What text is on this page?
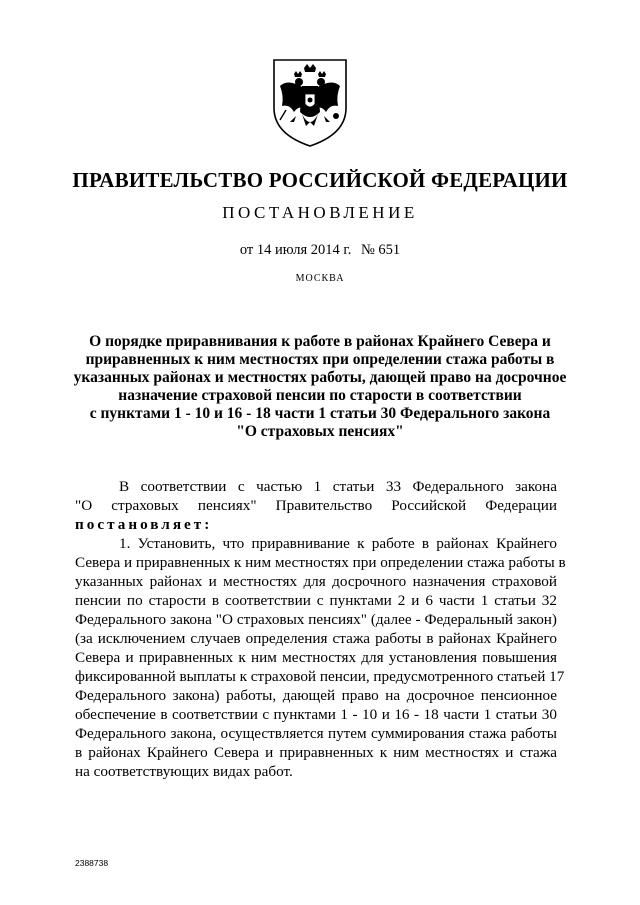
ПРАВИТЕЛЬСТВО РОССИЙСКОЙ ФЕДЕРАЦИИ
ПОСТАНОВЛЕНИЕ
от 14 июля 2014 г. № 651
МОСКВА
О порядке приравнивания к работе в районах Крайнего Севера и
приравненных к ним местностях при определении стажа работы в
указанных районах и местностях работы, дающей право на досрочное
назначение страховой пенсии по старости в соответствии
с пунктами 1 - 10 и 16 - 18 части 1 статьи 30 Федерального закона
"О страховых пенсиях"
В соответствии с частью 1 статьи 33 Федерального закона
"О страховых пенсиях" Правительство Российской Федерации
постановляет:
1. Установить, что приравнивание к работе в районах Крайнего
Севера и приравненных к ним местностях при определении стажа работы в
указанных районах и местностях для досрочного назначения страховой
пенсии по старости в соответствии с пунктами 2 и 6 части 1 статьи 32
Федерального закона "О страховых пенсиях" (далее - Федеральный закон)
(за исключением случаев определения стажа работы в районах Крайнего
Севера и приравненных к ним местностях для установления повышения
фиксированной выплаты к страховой пенсии, предусмотренного статьей 17
Федерального закона) работы, дающей право на досрочное пенсионное
обеспечение в соответствии с пунктами 1 - 10 и 16 - 18 части 1 статьи 30
Федерального закона, осуществляется путем суммирования стажа работы
в районах Крайнего Севера и приравненных к ним местностях и стажа
на соответствующих видах работ.
2388738
